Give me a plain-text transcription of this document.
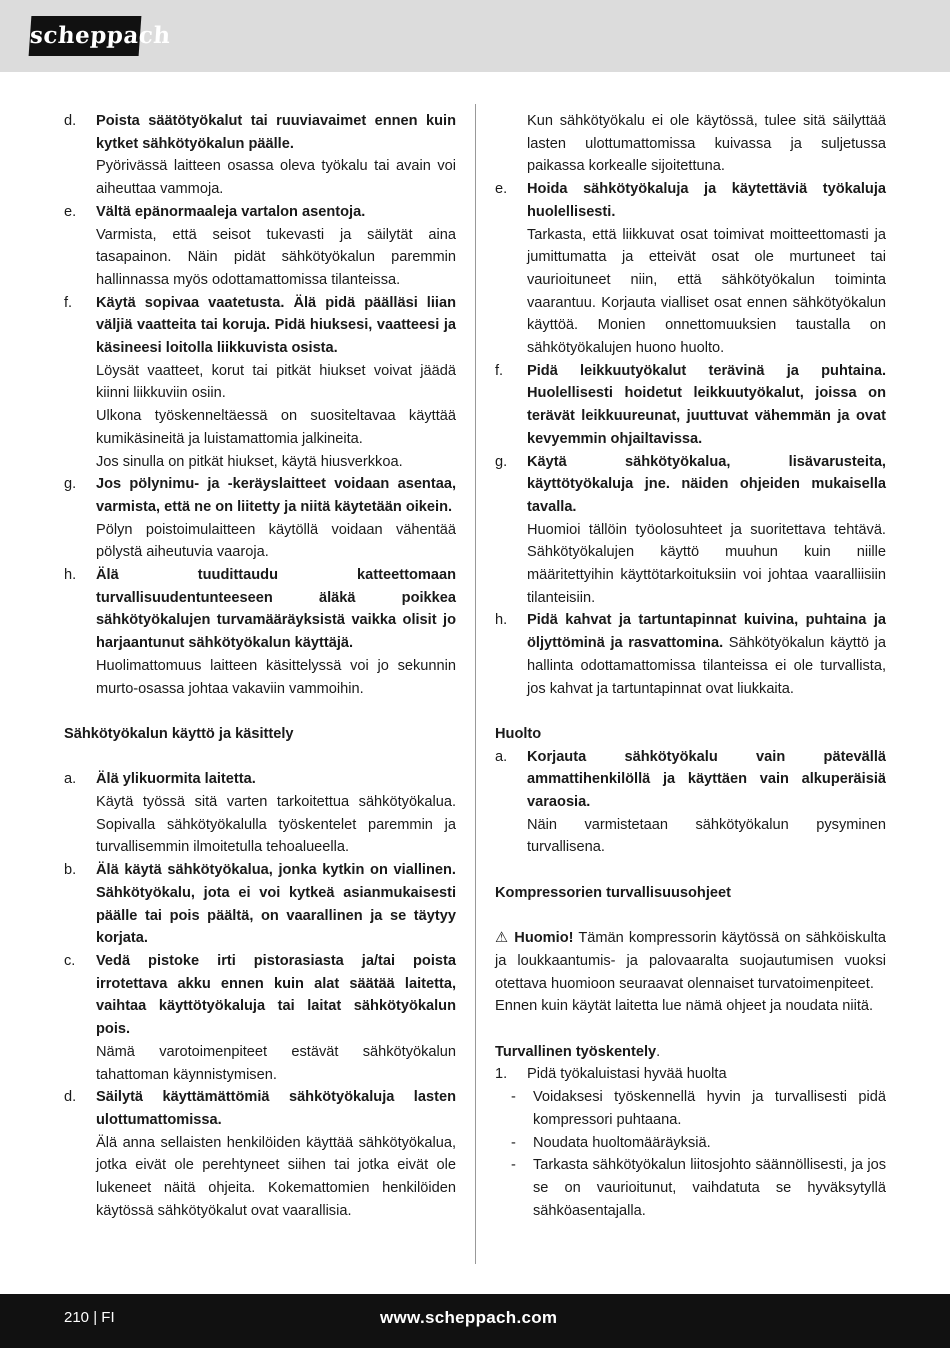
scheppach
d.	Poista säätötyökalut tai ruuviavaimet ennen kuin kytket sähkötyökalun päälle.
Pyörivässä laitteen osassa oleva työkalu tai avain voi aiheuttaa vammoja.
e.	Vältä epänormaaleja vartalon asentoja.
Varmista, että seisot tukevasti ja säilytät aina tasapainon. Näin pidät sähkötyökalun paremmin hallinnassa myös odottamattomissa tilanteissa.
f.	Käytä sopivaa vaatetusta. Älä pidä päälläsi liian väljiä vaatteita tai koruja. Pidä hiuksesi, vaatteesi ja käsineesi loitolla liikkuvista osista.
Löysät vaatteet, korut tai pitkät hiukset voivat jäädä kiinni liikkuviin osiin.
Ulkona työskenneltäessä on suositeltavaa käyttää kumikäsineitä ja luistamattomia jalkineita.
Jos sinulla on pitkät hiukset, käytä hiusverkkoa.
g.	Jos pölynimu- ja -keräyslaitteet voidaan asentaa, varmista, että ne on liitetty ja niitä käytetään oikein.
Pölyn poistoimulaitteen käytöllä voidaan vähentää pölystä aiheutuvia vaaroja.
h.	Älä tuudittaudu katteettomaan turvallisuudentunteeseen äläkä poikkea sähkötyökalujen turvamääräyksistä vaikka olisit jo harjaantunut sähkötyökalun käyttäjä.
Huolimattomuus laitteen käsittelyssä voi jo sekunnin murto-osassa johtaa vakaviin vammoihin.
Sähkötyökalun käyttö ja käsittely
a.	Älä ylikuormita laitetta.
Käytä työssä sitä varten tarkoitettua sähkötyökalua. Sopivalla sähkötyökalulla työskentelet paremmin ja turvallisemmin ilmoitetulla tehoalueella.
b.	Älä käytä sähkötyökalua, jonka kytkin on viallinen. Sähkötyökalu, jota ei voi kytkeä asianmukaisesti päälle tai pois päältä, on vaarallinen ja se täytyy korjata.
c.	Vedä pistoke irti pistorasiasta ja/tai poista irrotettava akku ennen kuin alat säätää laitetta, vaihtaa käyttötyökaluja tai laitat sähkötyökalun pois.
Nämä varotoimenpiteet estävät sähkötyökalun tahattoman käynnistymisen.
d.	Säilytä käyttämättömiä sähkötyökaluja lasten ulottumattomissa.
Älä anna sellaisten henkilöiden käyttää sähkötyökalua, jotka eivät ole perehtyneet siihen tai jotka eivät ole lukeneet näitä ohjeita. Kokemattomien henkilöiden käytössä sähkötyökalut ovat vaarallisia.
Kun sähkötyökalu ei ole käytössä, tulee sitä säilyttää lasten ulottumattomissa kuivassa ja suljetussa paikassa korkealle sijoitettuna.
e.	Hoida sähkötyökaluja ja käytettäviä työkaluja huolellisesti.
Tarkasta, että liikkuvat osat toimivat moitteettomasti ja jumittumatta ja etteivät osat ole murtuneet tai vaurioituneet niin, että sähkötyökalun toiminta vaarantuu. Korjauta vialliset osat ennen sähkötyökalun käyttöä. Monien onnettomuuksien taustalla on sähkötyökalujen huono huolto.
f.	Pidä leikkuutyökalut terävinä ja puhtaina. Huolellisesti hoidetut leikkuutyökalut, joissa on terävät leikkuureunat, juuttuvat vähemmän ja ovat kevyemmin ohjailtavissa.
g.	Käytä sähkötyökalua, lisävarusteita, käyttötyökaluja jne. näiden ohjeiden mukaisella tavalla.
Huomioi tällöin työolosuhteet ja suoritettava tehtävä. Sähkötyökalujen käyttö muuhun kuin niille määritettyihin käyttötarkoituksiin voi johtaa vaaralliisiin tilanteisiin.
h.	Pidä kahvat ja tartuntapinnat kuivina, puhtaina ja öljyttöminä ja rasvattomina. Sähkötyökalun käyttö ja hallinta odottamattomissa tilanteissa ei ole turvallista, jos kahvat ja tartuntapinnat ovat liukkaita.
Huolto
a.	Korjauta sähkötyökalu vain pätevällä ammattihenkilöllä ja käyttäen vain alkuperäisiä varaosia.
Näin varmistetaan sähkötyökalun pysyminen turvallisena.
Kompressorien turvallisuusohjeet
⚠ Huomio! Tämän kompressorin käytössä on sähköiskulta ja loukkaantumis- ja palovaaralta suojautumisen vuoksi otettava huomioon seuraavat olennaiset turvatoimenpiteet.
Ennen kuin käytät laitetta lue nämä ohjeet ja noudata niitä.
Turvallinen työskentely.
1.	Pidä työkaluistasi hyvää huolta
-	Voidaksesi työskennellä hyvin ja turvallisesti pidä kompressori puhtaana.
-	Noudata huoltomääräyksiä.
-	Tarkasta sähkötyökalun liitosjohto säännöllisesti, ja jos se on vaurioitunut, vaihdatuta se hyväksytyllä sähköasentajalla.
210 | FI	www.scheppach.com
